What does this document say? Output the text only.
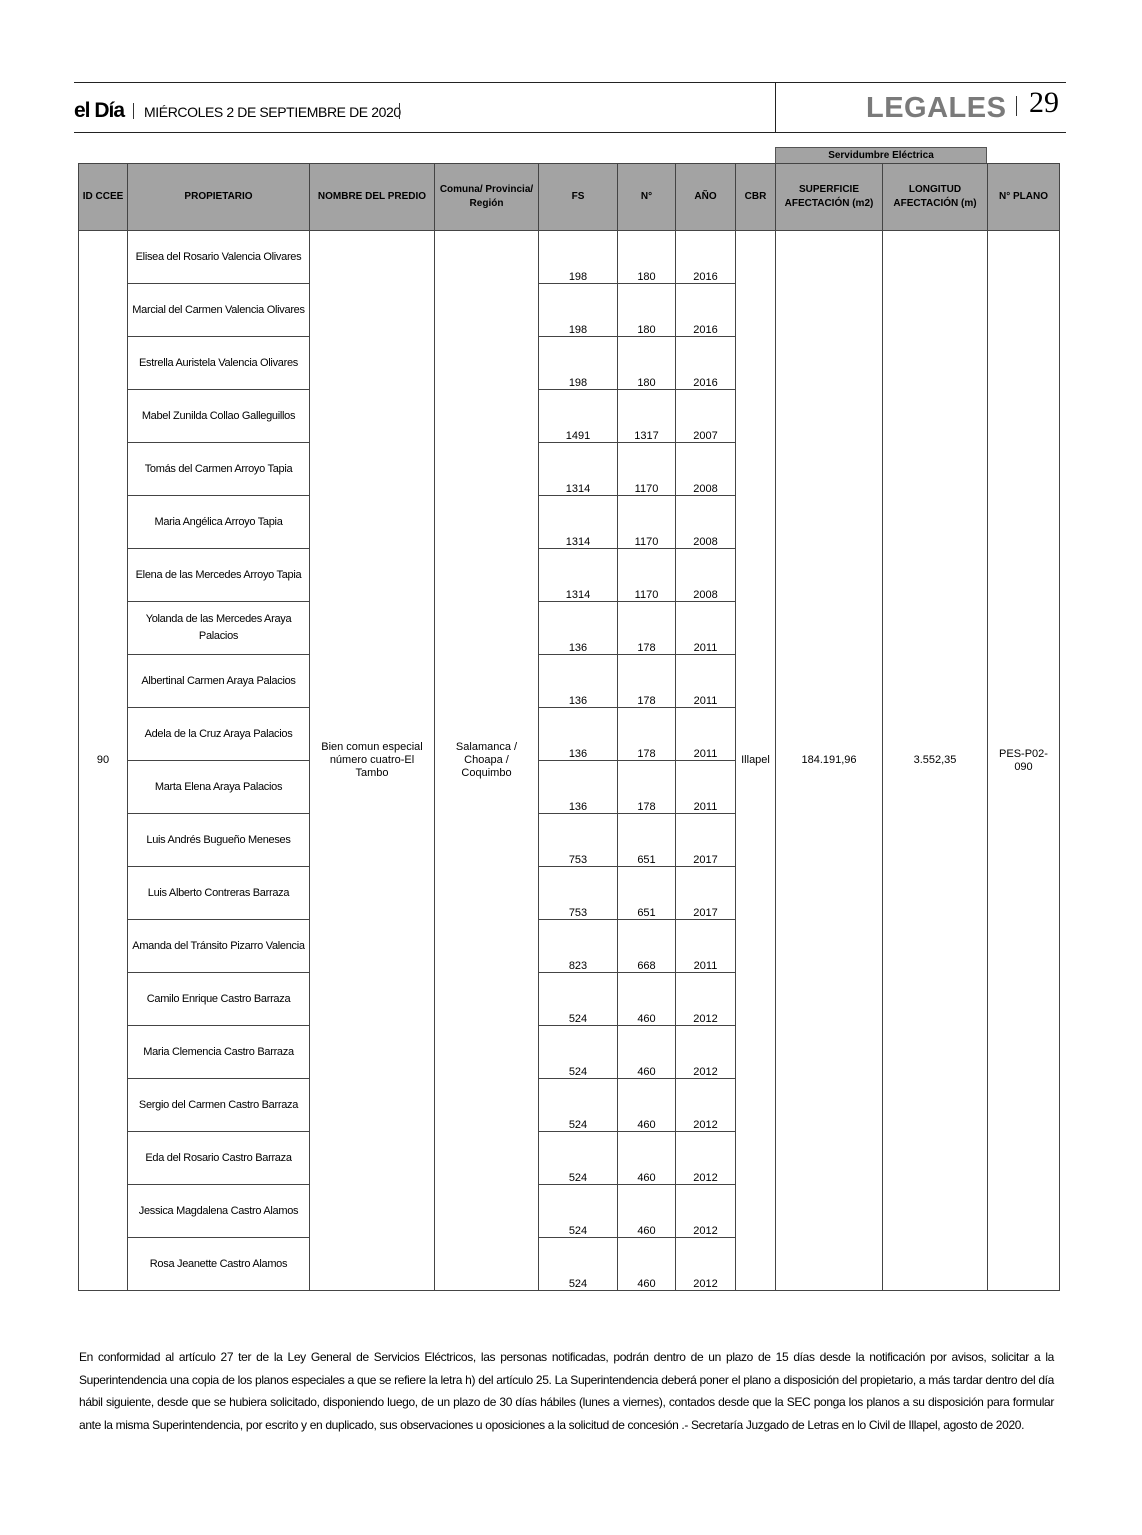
el Día MIÉRCOLES 2 DE SEPTIEMBRE DE 2020	LEGALES 29
Servidumbre Eléctrica
ID CCEE	PROPIETARIO	NOMBRE DEL PREDIO	Comuna/ Provincia/ Región	FS	N°	AÑO	CBR	SUPERFICIE AFECTACIÓN (m2)	LONGITUD AFECTACIÓN (m)	N° PLANO

90	Elisea del Rosario Valencia Olivares	Bien comun especial número cuatro-El Tambo	Salamanca / Choapa / Coquimbo	198	180	2016	Illapel	184.191,96	3.552,35	PES-P02-090

	Marcial del Carmen Valencia Olivares			198	180	2016				
	Estrella Auristela Valencia Olivares			198	180	2016				
	Mabel Zunilda Collao Galleguillos			1491	1317	2007				
	Tomás del Carmen Arroyo Tapia			1314	1170	2008				
	Maria Angélica Arroyo Tapia			1314	1170	2008				
	Elena de las Mercedes Arroyo Tapia			1314	1170	2008				
	Yolanda de las Mercedes Araya Palacios			136	178	2011				
	Albertinal Carmen Araya Palacios			136	178	2011				
	Adela de la Cruz Araya Palacios			136	178	2011				
	Marta Elena Araya Palacios			136	178	2011				
	Luis Andrés Bugueño Meneses			753	651	2017				
	Luis Alberto Contreras Barraza			753	651	2017				
	Amanda del Tránsito Pizarro Valencia			823	668	2011				
	Camilo Enrique Castro Barraza			524	460	2012				
	Maria Clemencia Castro Barraza			524	460	2012				
	Sergio del Carmen Castro Barraza			524	460	2012				
	Eda del Rosario Castro Barraza			524	460	2012				
	Jessica Magdalena Castro Alamos			524	460	2012				
	Rosa Jeanette Castro Alamos			524	460	2012				
En conformidad al artículo 27 ter de la Ley General de Servicios Eléctricos, las personas notificadas, podrán dentro de un plazo de 15 días desde la notificación por avisos, solicitar a la Superintendencia una copia de los planos especiales a que se refiere la letra h) del artículo 25. La Superintendencia deberá poner el plano a disposición del propietario, a más tardar dentro del día hábil siguiente, desde que se hubiera solicitado, disponiendo luego, de un plazo de 30 días hábiles (lunes a viernes), contados desde que la SEC ponga los planos a su disposición para formular ante la misma Superintendencia, por escrito y en duplicado, sus observaciones u oposiciones a la solicitud de concesión .- Secretaría Juzgado de Letras en lo Civil de Illapel, agosto de 2020.
